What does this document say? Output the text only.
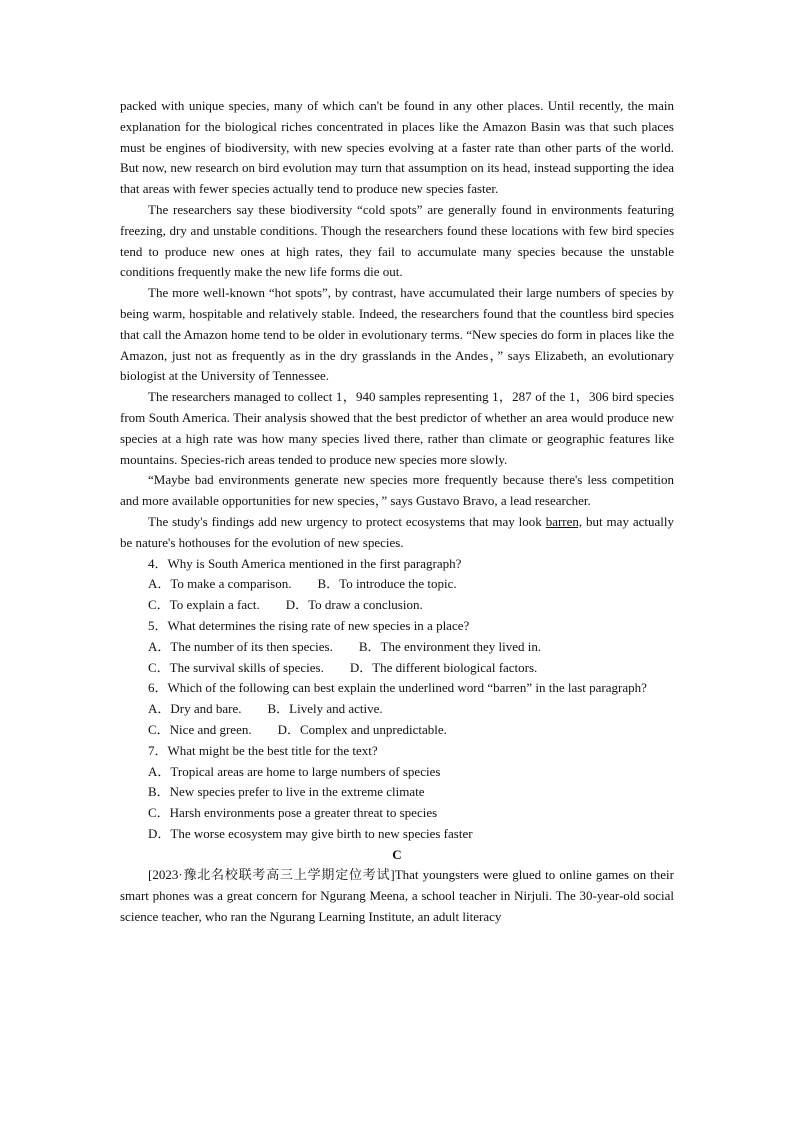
packed with unique species, many of which can't be found in any other places. Until recently, the main explanation for the biological riches concentrated in places like the Amazon Basin was that such places must be engines of biodiversity, with new species evolving at a faster rate than other parts of the world. But now, new research on bird evolution may turn that assumption on its head, instead supporting the idea that areas with fewer species actually tend to produce new species faster.

The researchers say these biodiversity “cold spots” are generally found in environments featuring freezing, dry and unstable conditions. Though the researchers found these locations with few bird species tend to produce new ones at high rates, they fail to accumulate many species because the unstable conditions frequently make the new life forms die out.

The more well-known “hot spots”, by contrast, have accumulated their large numbers of species by being warm, hospitable and relatively stable. Indeed, the researchers found that the countless bird species that call the Amazon home tend to be older in evolutionary terms. “New species do form in places like the Amazon, just not as frequently as in the dry grasslands in the Andes，” says Elizabeth, an evolutionary biologist at the University of Tennessee.

The researchers managed to collect 1，940 samples representing 1，287 of the 1，306 bird species from South America. Their analysis showed that the best predictor of whether an area would produce new species at a high rate was how many species lived there, rather than climate or geographic features like mountains. Species-rich areas tended to produce new species more slowly.

“Maybe bad environments generate new species more frequently because there's less competition and more available opportunities for new species，” says Gustavo Bravo, a lead researcher.

The study's findings add new urgency to protect ecosystems that may look barren, but may actually be nature's hothouses for the evolution of new species.

4．Why is South America mentioned in the first paragraph?

A．To make a comparison.        B．To introduce the topic.

C．To explain a fact.        D．To draw a conclusion.

5．What determines the rising rate of new species in a place?

A．The number of its then species.        B．The environment they lived in.

C．The survival skills of species.        D．The different biological factors.

6．Which of the following can best explain the underlined word “barren” in the last paragraph?

A．Dry and bare.        B．Lively and active.

C．Nice and green.        D．Complex and unpredictable.

7．What might be the best title for the text?

A．Tropical areas are home to large numbers of species

B．New species prefer to live in the extreme climate

C．Harsh environments pose a greater threat to species

D．The worse ecosystem may give birth to new species faster

C

[2023·豫北名校联考高三上学期定位考试]That youngsters were glued to online games on their smart phones was a great concern for Ngurang Meena, a school teacher in Nirjuli. The 30-year-old social science teacher, who ran the Ngurang Learning Institute, an adult literacy
